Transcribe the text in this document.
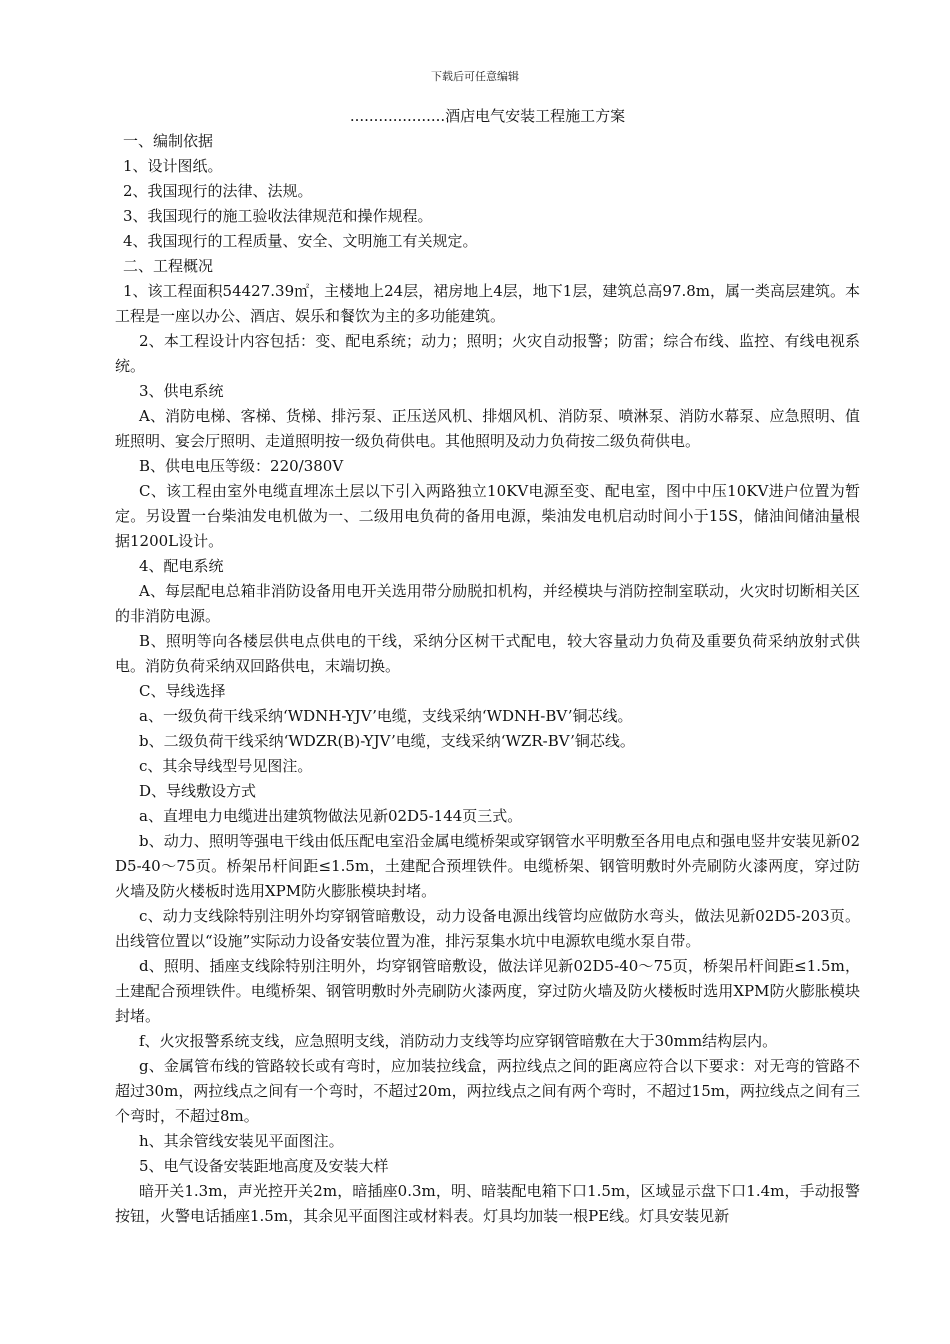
下载后可任意编辑

....................酒店电气安装工程施工方案

一、编制依据

1、设计图纸。

2、我国现行的法律、法规。

3、我国现行的施工验收法律规范和操作规程。

4、我国现行的工程质量、安全、文明施工有关规定。

二、工程概况

1、该工程面积54427.39㎡，主楼地上24层，裙房地上4层，地下1层，建筑总高97.8m，属一类高层建筑。本工程是一座以办公、酒店、娱乐和餐饮为主的多功能建筑。

2、本工程设计内容包括：变、配电系统；动力；照明；火灾自动报警；防雷；综合布线、监控、有线电视系统。

3、供电系统

A、消防电梯、客梯、货梯、排污泵、正压送风机、排烟风机、消防泵、喷淋泵、消防水幕泵、应急照明、值班照明、宴会厅照明、走道照明按一级负荷供电。其他照明及动力负荷按二级负荷供电。

B、供电电压等级：220/380V

C、该工程由室外电缆直埋冻土层以下引入两路独立10KV电源至变、配电室，图中中压10KV进户位置为暂定。另设置一台柴油发电机做为一、二级用电负荷的备用电源，柴油发电机启动时间小于15S，储油间储油量根据1200L设计。

4、配电系统

A、每层配电总箱非消防设备用电开关选用带分励脱扣机构，并经模块与消防控制室联动，火灾时切断相关区的非消防电源。

B、照明等向各楼层供电点供电的干线，采纳分区树干式配电，较大容量动力负荷及重要负荷采纳放射式供电。消防负荷采纳双回路供电，末端切换。

C、导线选择

a、一级负荷干线采纳‘WDNH-YJV’电缆，支线采纳‘WDNH-BV’铜芯线。

b、二级负荷干线采纳‘WDZR(B)-YJV’电缆，支线采纳‘WZR-BV’铜芯线。

c、其余导线型号见图注。

D、导线敷设方式

a、直埋电力电缆进出建筑物做法见新02D5-144页三式。

b、动力、照明等强电干线由低压配电室沿金属电缆桥架或穿钢管水平明敷至各用电点和强电竖井安装见新02D5-40～75页。桥架吊杆间距≤1.5m，土建配合预埋铁件。电缆桥架、钢管明敷时外壳刷防火漆两度，穿过防火墙及防火楼板时选用XPM防火膨胀模块封堵。

c、动力支线除特别注明外均穿钢管暗敷设，动力设备电源出线管均应做防水弯头，做法见新02D5-203页。出线管位置以“设施”实际动力设备安装位置为准，排污泵集水坑中电源软电缆水泵自带。

d、照明、插座支线除特别注明外，均穿钢管暗敷设，做法详见新02D5-40～75页，桥架吊杆间距≤1.5m，土建配合预埋铁件。电缆桥架、钢管明敷时外壳刷防火漆两度，穿过防火墙及防火楼板时选用XPM防火膨胀模块封堵。

f、火灾报警系统支线，应急照明支线，消防动力支线等均应穿钢管暗敷在大于30mm结构层内。

g、金属管布线的管路较长或有弯时，应加装拉线盒，两拉线点之间的距离应符合以下要求：对无弯的管路不超过30m，两拉线点之间有一个弯时，不超过20m，两拉线点之间有两个弯时，不超过15m，两拉线点之间有三个弯时，不超过8m。

h、其余管线安装见平面图注。

5、电气设备安装距地高度及安装大样

暗开关1.3m，声光控开关2m，暗插座0.3m，明、暗装配电箱下口1.5m，区域显示盘下口1.4m，手动报警按钮，火警电话插座1.5m，其余见平面图注或材料表。灯具均加装一根PE线。灯具安装见新
